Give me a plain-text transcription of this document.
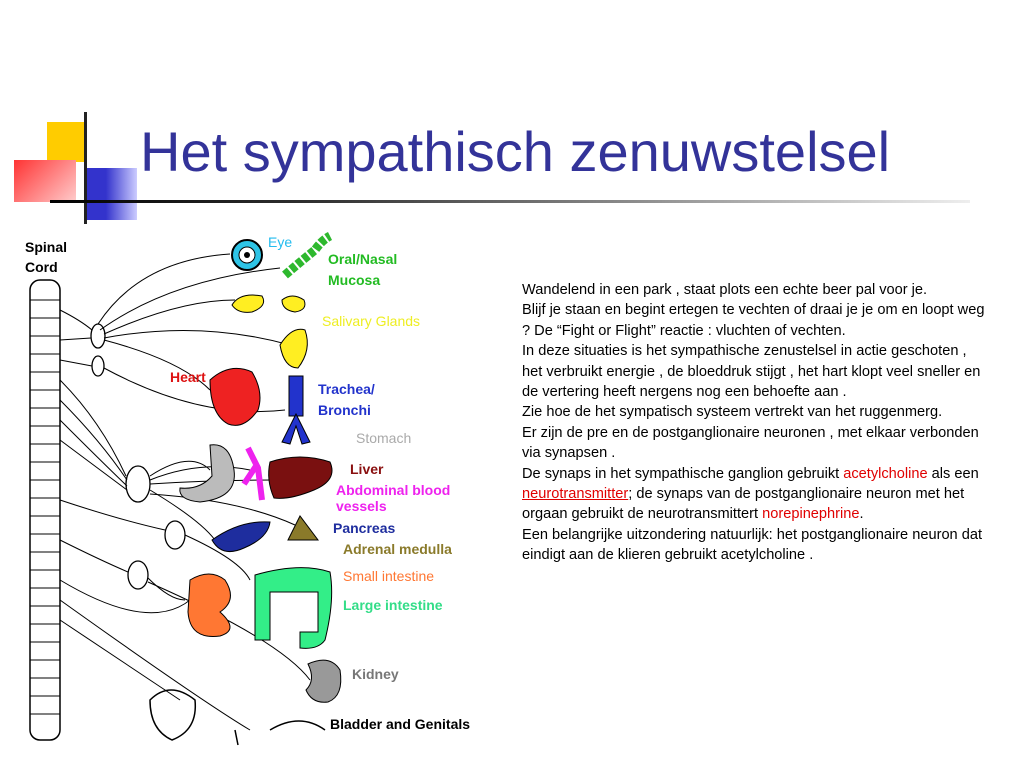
Het sympathisch zenuwstelsel
Spinal
Cord
Eye
Oral/Nasal
Mucosa
Salivary Glands
Heart
Trachea/
Bronchi
Stomach
Liver
Abdominal blood
vessels
Pancreas
Adrenal medulla
Small intestine
Large intestine
Kidney
Bladder and Genitals

Wandelend in een park , staat plots een echte beer pal voor je.

Blijf je staan en begint ertegen te vechten of draai je je om en loopt weg ? De “Fight or Flight” reactie : vluchten of vechten.

In deze situaties is het sympathische zenustelsel in actie geschoten , het verbruikt energie , de bloeddruk stijgt , het hart klopt veel sneller en de vertering heeft nergens nog een behoefte aan .

Zie hoe de het sympatisch systeem vertrekt van het ruggenmerg.

Er zijn de pre en de postganglionaire neuronen , met elkaar verbonden via synapsen .

De synaps in het sympathische ganglion gebruikt acetylcholine als een neurotransmitter; de synaps van de postganglionaire neuron met het orgaan gebruikt de neurotransmittert norepinephrine.

Een belangrijke uitzondering natuurlijk: het postganglionaire neuron dat eindigt aan de klieren gebruikt acetylcholine .
